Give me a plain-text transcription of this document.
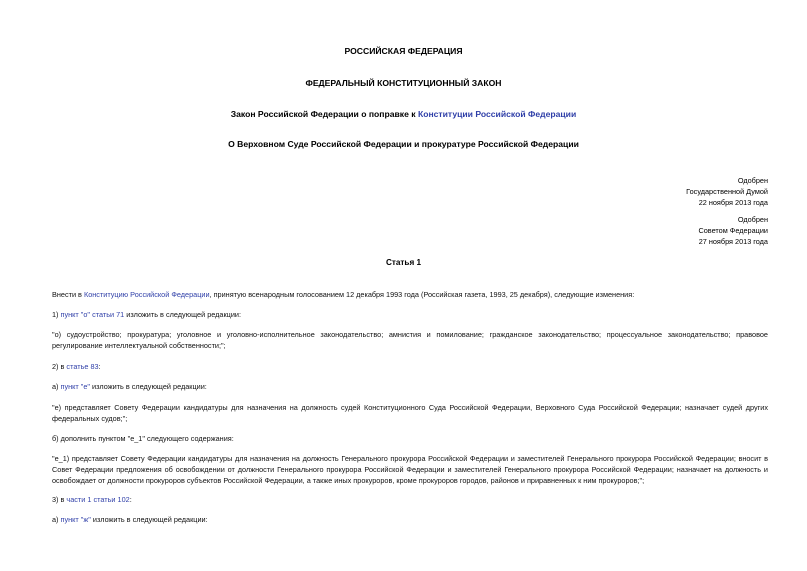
РОССИЙСКАЯ ФЕДЕРАЦИЯ
ФЕДЕРАЛЬНЫЙ КОНСТИТУЦИОННЫЙ ЗАКОН
Закон Российской Федерации о поправке к Конституции Российской Федерации
О Верховном Суде Российской Федерации и прокуратуре Российской Федерации
Одобрен
Государственной Думой
22 ноября 2013 года
Одобрен
Советом Федерации
27 ноября 2013 года
Статья 1
Внести в Конституцию Российской Федерации, принятую всенародным голосованием 12 декабря 1993 года (Российская газета, 1993, 25 декабря), следующие изменения:
1) пункт "о" статьи 71 изложить в следующей редакции:
"о) судоустройство; прокуратура; уголовное и уголовно-исполнительное законодательство; амнистия и помилование; гражданское законодательство; процессуальное законодательство; правовое регулирование интеллектуальной собственности;";
2) в статье 83:
а) пункт "е" изложить в следующей редакции:
"е) представляет Совету Федерации кандидатуры для назначения на должность судей Конституционного Суда Российской Федерации, Верховного Суда Российской Федерации; назначает судей других федеральных судов;";
б) дополнить пунктом "е_1" следующего содержания:
"е_1) представляет Совету Федерации кандидатуры для назначения на должность Генерального прокурора Российской Федерации и заместителей Генерального прокурора Российской Федерации; вносит в Совет Федерации предложения об освобождении от должности Генерального прокурора Российской Федерации и заместителей Генерального прокурора Российской Федерации; назначает на должность и освобождает от должности прокуроров субъектов Российской Федерации, а также иных прокуроров, кроме прокуроров городов, районов и приравненных к ним прокуроров;";
3) в части 1 статьи 102:
а) пункт "ж" изложить в следующей редакции:
